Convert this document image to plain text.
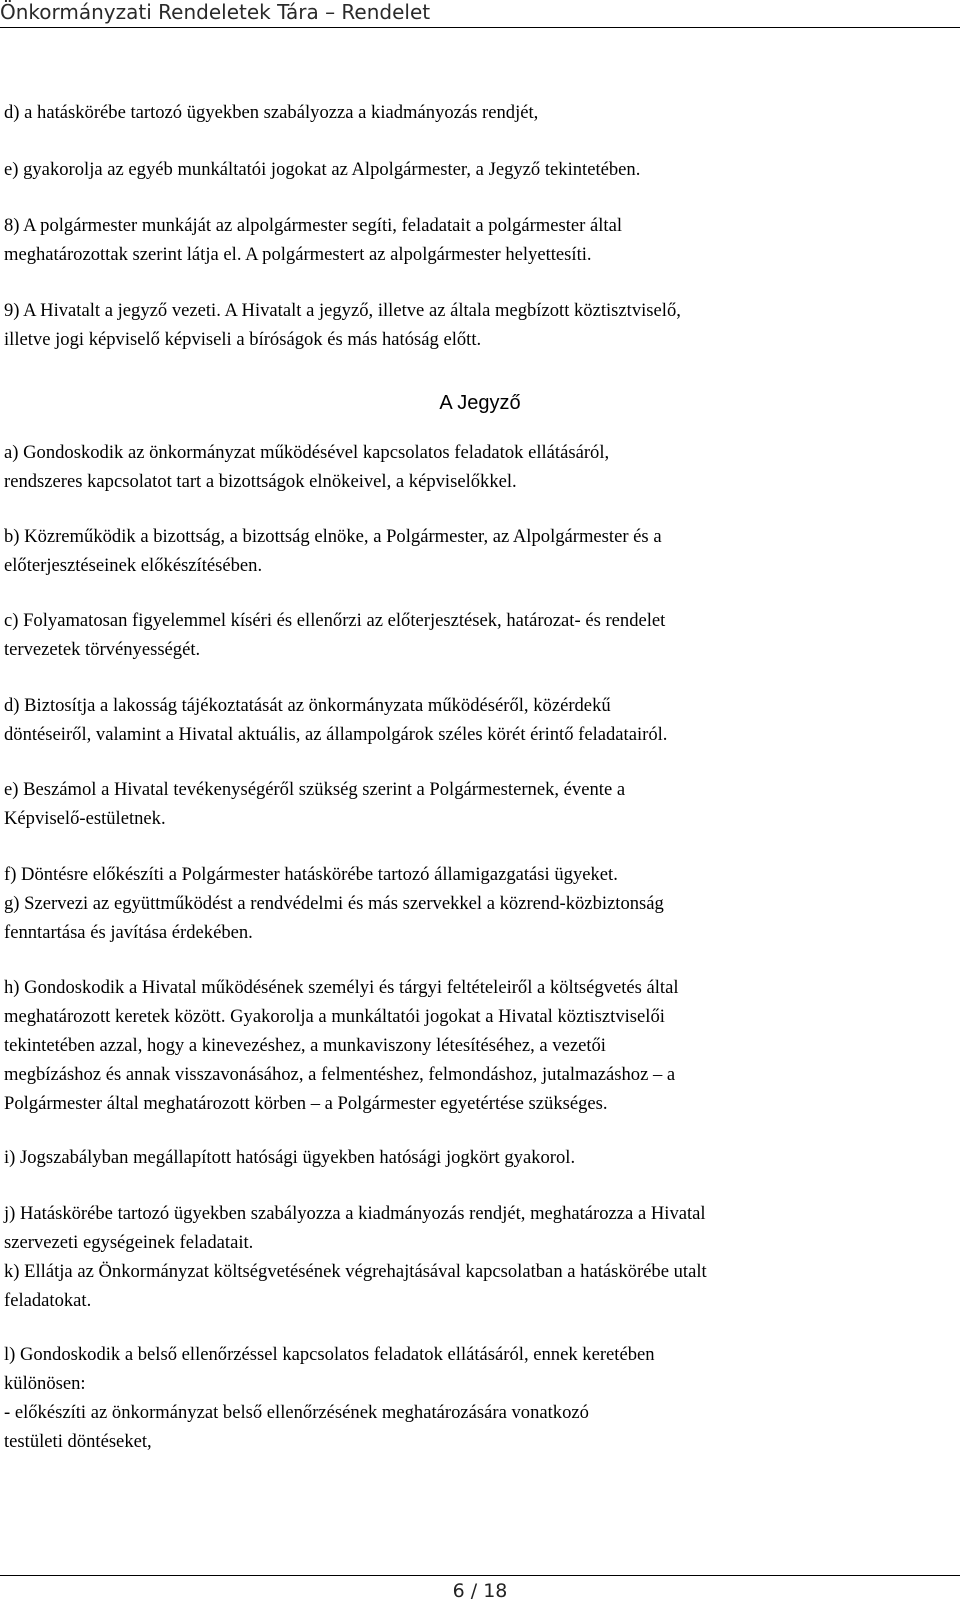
Önkormányzati Rendeletek Tára – Rendelet
d) a hatáskörébe tartozó ügyekben szabályozza a kiadmányozás rendjét,
e) gyakorolja az egyéb munkáltatói jogokat az Alpolgármester, a Jegyző tekintetében.
8) A polgármester munkáját az alpolgármester segíti, feladatait a polgármester által
meghatározottak szerint látja el. A polgármestert az alpolgármester helyettesíti.
9) A Hivatalt a jegyző vezeti. A Hivatalt a jegyző, illetve az általa megbízott köztisztviselő,
illetve jogi képviselő képviseli a bíróságok és más hatóság előtt.
A Jegyző
a) Gondoskodik az önkormányzat működésével kapcsolatos feladatok ellátásáról,
rendszeres kapcsolatot tart a bizottságok elnökeivel, a képviselőkkel.
b) Közreműködik a bizottság, a bizottság elnöke, a Polgármester, az Alpolgármester és a
előterjesztéseinek előkészítésében.
c) Folyamatosan figyelemmel kíséri és ellenőrzi az előterjesztések, határozat- és rendelet
tervezetek törvényességét.
d) Biztosítja a lakosság tájékoztatását az önkormányzata működéséről, közérdekű
döntéseiről, valamint a Hivatal aktuális, az állampolgárok széles körét érintő feladatairól.
e) Beszámol a Hivatal tevékenységéről szükség szerint a Polgármesternek, évente a
Képviselő-estületnek.
f) Döntésre előkészíti a Polgármester hatáskörébe tartozó államigazgatási ügyeket.
g) Szervezi az együttműködést a rendvédelmi és más szervekkel a közrend-közbiztonság
fenntartása és javítása érdekében.
h) Gondoskodik a Hivatal működésének személyi és tárgyi feltételeiről a költségvetés által
meghatározott keretek között. Gyakorolja a munkáltatói jogokat a Hivatal köztisztviselői
tekintetében azzal, hogy a kinevezéshez, a munkaviszony létesítéséhez, a vezetői
megbízáshoz és annak visszavonásához, a felmentéshez, felmondáshoz, jutalmazáshoz – a
Polgármester által meghatározott körben – a Polgármester egyetértése szükséges.
i) Jogszabályban megállapított hatósági ügyekben hatósági jogkört gyakorol.
j) Hatáskörébe tartozó ügyekben szabályozza a kiadmányozás rendjét, meghatározza a Hivatal
szervezeti egységeinek feladatait.
k) Ellátja az Önkormányzat költségvetésének végrehajtásával kapcsolatban a hatáskörébe utalt
feladatokat.
l) Gondoskodik a belső ellenőrzéssel kapcsolatos feladatok ellátásáról, ennek keretében
különösen:
- előkészíti az önkormányzat belső ellenőrzésének meghatározására vonatkozó
testületi döntéseket,
6 / 18
